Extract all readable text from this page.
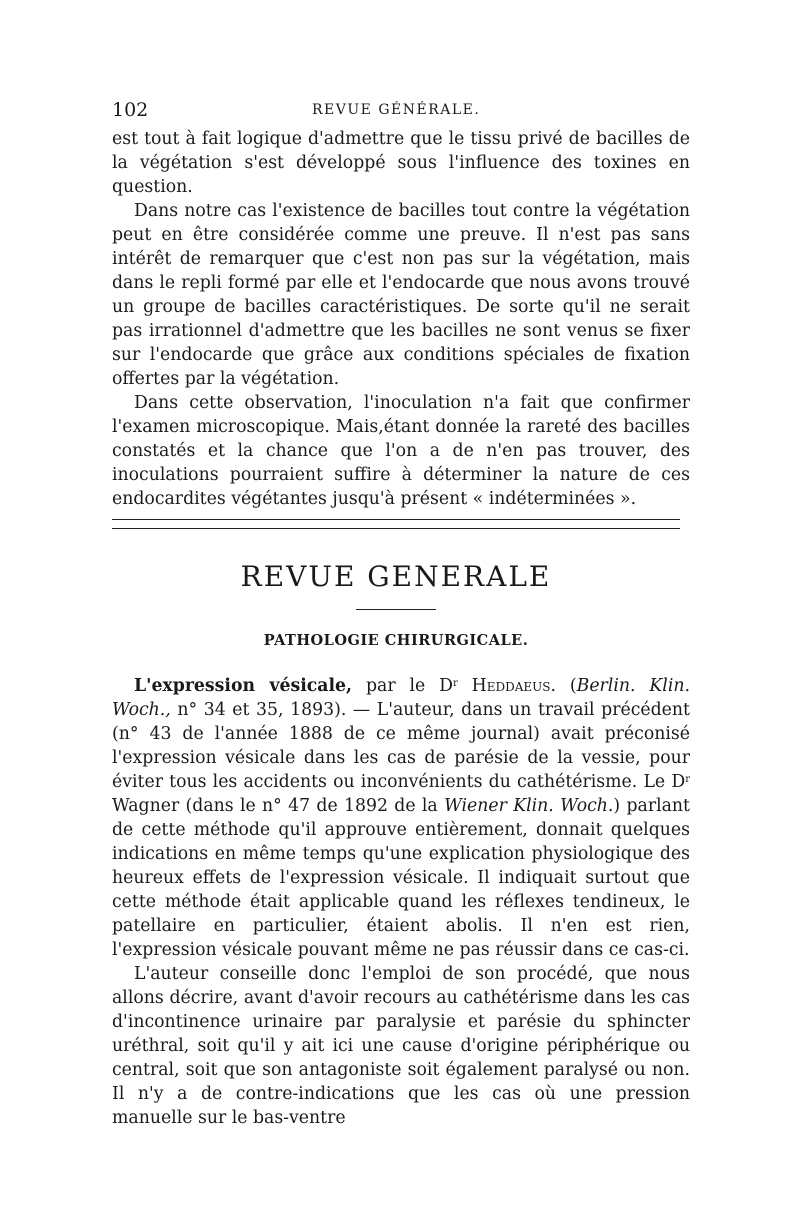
102	REVUE GÉNÉRALE.

est tout à fait logique d'admettre que le tissu privé de bacilles de la végétation s'est développé sous l'influence des toxines en question.

Dans notre cas l'existence de bacilles tout contre la végétation peut en être considérée comme une preuve. Il n'est pas sans intérêt de remarquer que c'est non pas sur la végétation, mais dans le repli formé par elle et l'endocarde que nous avons trouvé un groupe de bacilles caractéristiques. De sorte qu'il ne serait pas irrationnel d'admettre que les bacilles ne sont venus se fixer sur l'endocarde que grâce aux conditions spéciales de fixation offertes par la végétation.

Dans cette observation, l'inoculation n'a fait que confirmer l'examen microscopique. Mais,étant donnée la rareté des bacilles constatés et la chance que l'on a de n'en pas trouver, des inoculations pourraient suffire à déterminer la nature de ces endocardites végétantes jusqu'à présent « indéterminées ».

REVUE GENERALE
PATHOLOGIE CHIRURGICALE.

L'expression vésicale, par le $D^r$ Heddaeus. (Berlin. Klin. Woch., n° 34 et 35, 1893). — L'auteur, dans un travail précédent (n° 43 de l'année 1888 de ce même journal) avait préconisé l'expression vésicale dans les cas de parésie de la vessie, pour éviter tous les accidents ou inconvénients du cathétérisme. Le $D^r$ Wagner (dans le n° 47 de 1892 de la Wiener Klin. Woch.) parlant de cette méthode qu'il approuve entièrement, donnait quelques indications en même temps qu'une explication physiologique des heureux effets de l'expression vésicale. Il indiquait surtout que cette méthode était applicable quand les réflexes tendineux, le patellaire en particulier, étaient abolis. Il n'en est rien, l'expression vésicale pouvant même ne pas réussir dans ce cas-ci.

L'auteur conseille donc l'emploi de son procédé, que nous allons décrire, avant d'avoir recours au cathétérisme dans les cas d'incontinence urinaire par paralysie et parésie du sphincter uréthral, soit qu'il y ait ici une cause d'origine périphérique ou central, soit que son antagoniste soit également paralysé ou non. Il n'y a de contre-indications que les cas où une pression manuelle sur le bas-ventre
